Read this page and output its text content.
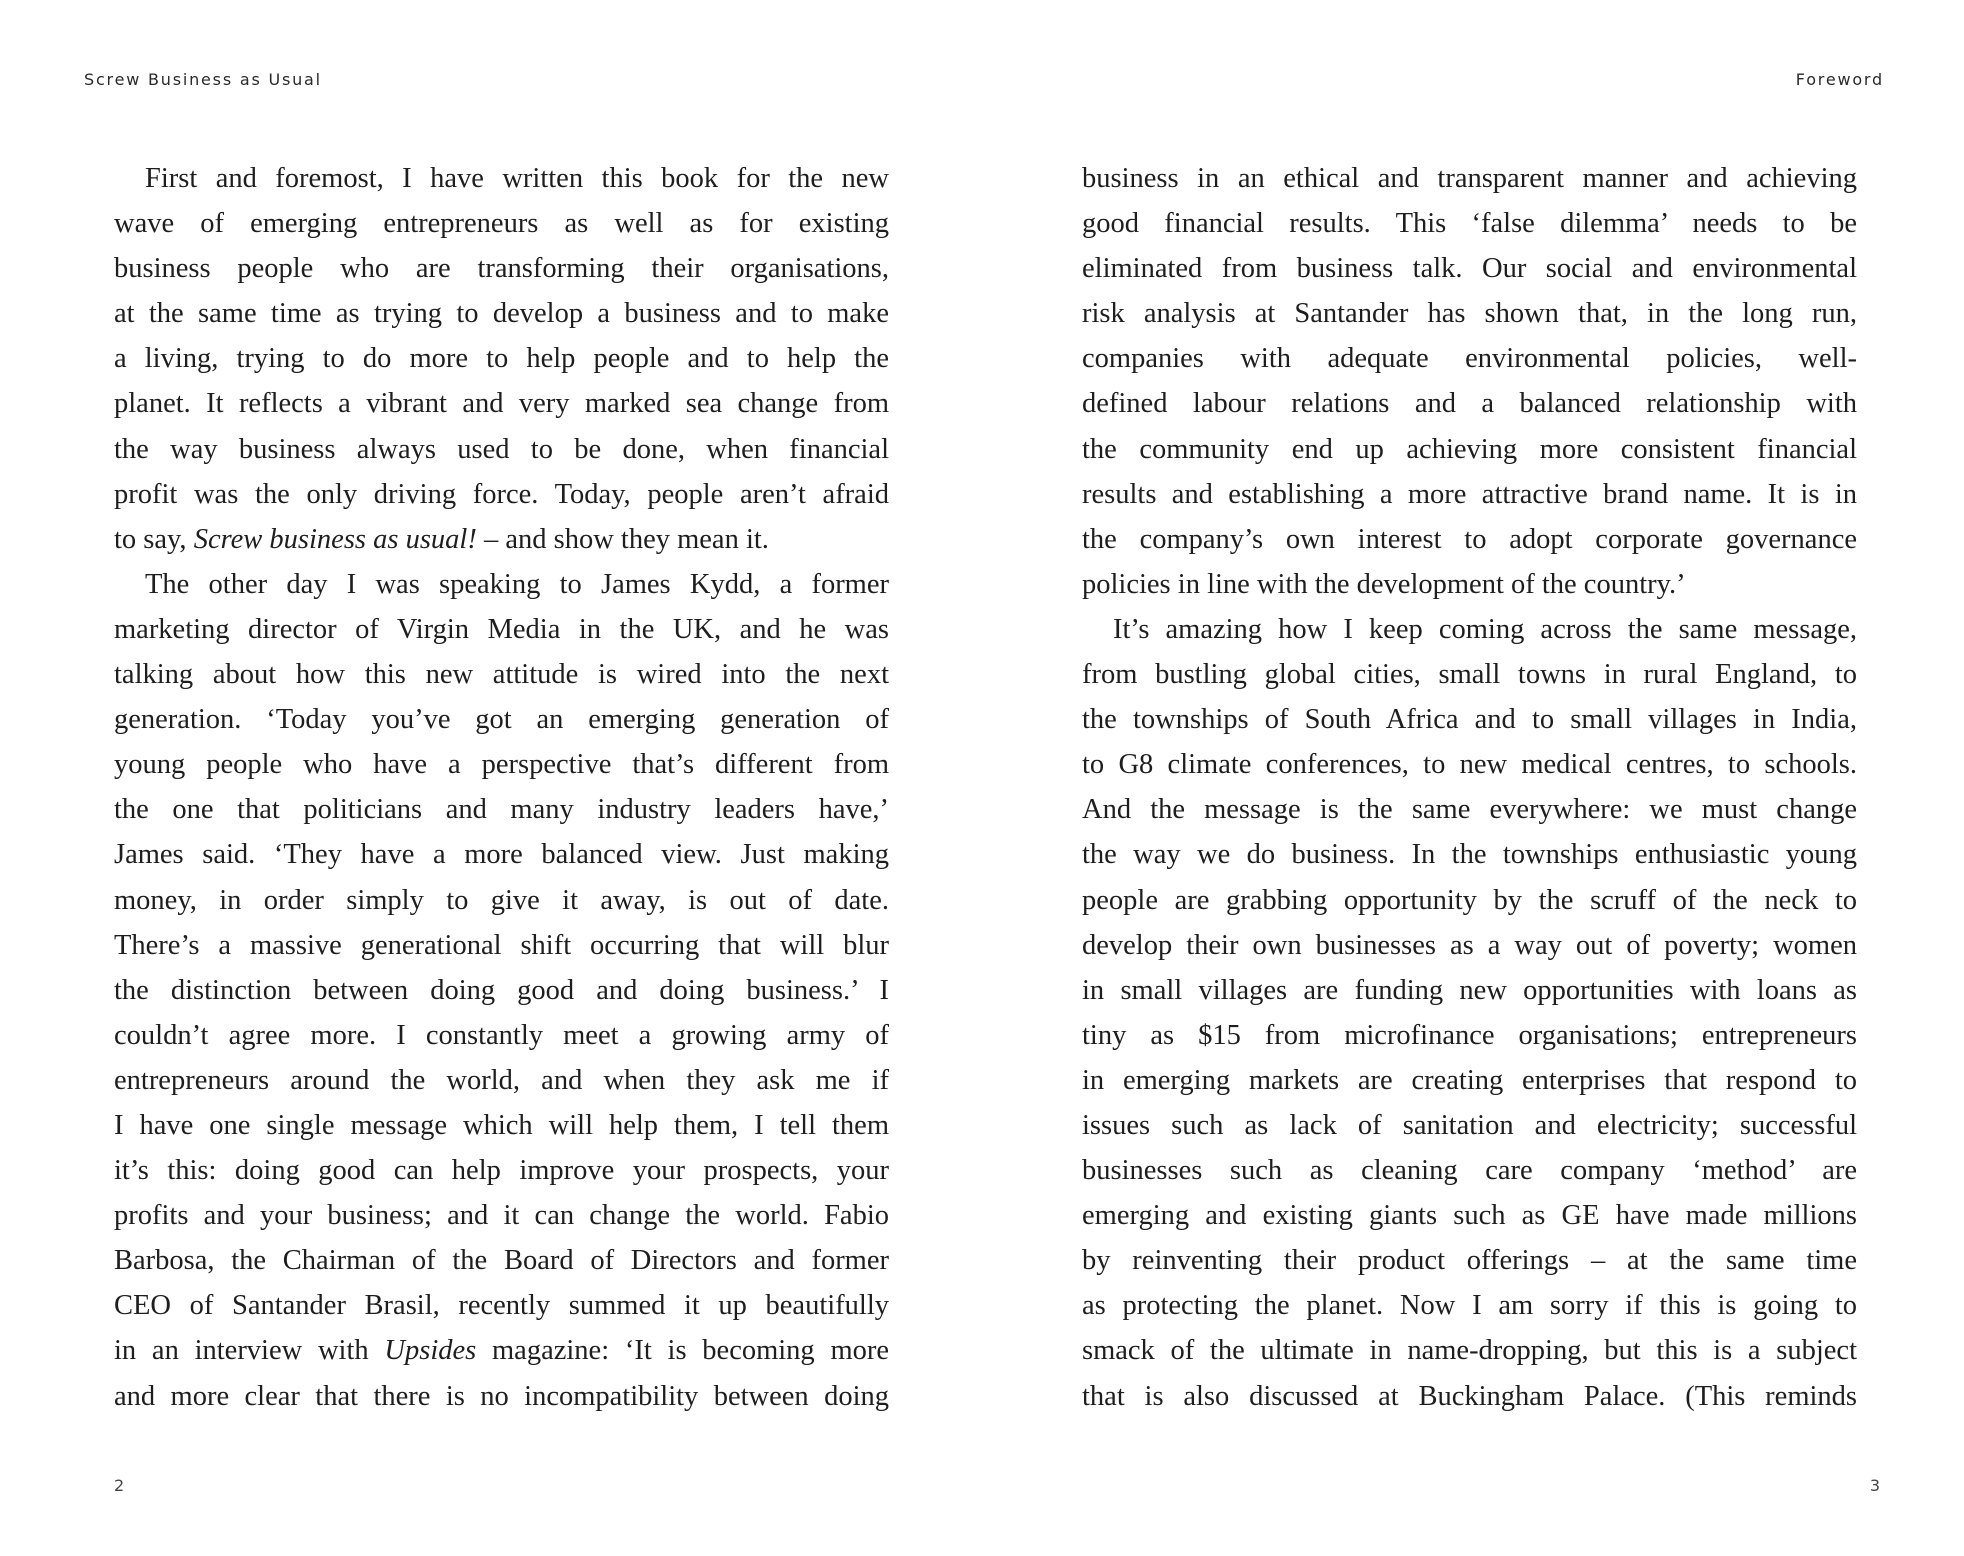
Screw Business as Usual
First and foremost, I have written this book for the new
wave of emerging entrepreneurs as well as for existing
business people who are transforming their organisations,
at the same time as trying to develop a business and to make
a living, trying to do more to help people and to help the
planet. It reflects a vibrant and very marked sea change from
the way business always used to be done, when financial
profit was the only driving force. Today, people aren’t afraid
to say, Screw business as usual! – and show they mean it.
The other day I was speaking to James Kydd, a former
marketing director of Virgin Media in the UK, and he was
talking about how this new attitude is wired into the next
generation. ‘Today you’ve got an emerging generation of
young people who have a perspective that’s different from
the one that politicians and many industry leaders have,’
James said. ‘They have a more balanced view. Just making
money, in order simply to give it away, is out of date.
There’s a massive generational shift occurring that will blur
the distinction between doing good and doing business.’ I
couldn’t agree more. I constantly meet a growing army of
entrepreneurs around the world, and when they ask me if
I have one single message which will help them, I tell them
it’s this: doing good can help improve your prospects, your
profits and your business; and it can change the world. Fabio
Barbosa, the Chairman of the Board of Directors and former
CEO of Santander Brasil, recently summed it up beautifully
in an interview with Upsides magazine: ‘It is becoming more
and more clear that there is no incompatibility between doing
2
Foreword
business in an ethical and transparent manner and achieving
good financial results. This ‘false dilemma’ needs to be
eliminated from business talk. Our social and environmental
risk analysis at Santander has shown that, in the long run,
companies with adequate environmental policies, well-
defined labour relations and a balanced relationship with
the community end up achieving more consistent financial
results and establishing a more attractive brand name. It is in
the company’s own interest to adopt corporate governance
policies in line with the development of the country.’
It’s amazing how I keep coming across the same message,
from bustling global cities, small towns in rural England, to
the townships of South Africa and to small villages in India,
to G8 climate conferences, to new medical centres, to schools.
And the message is the same everywhere: we must change
the way we do business. In the townships enthusiastic young
people are grabbing opportunity by the scruff of the neck to
develop their own businesses as a way out of poverty; women
in small villages are funding new opportunities with loans as
tiny as $15 from microfinance organisations; entrepreneurs
in emerging markets are creating enterprises that respond to
issues such as lack of sanitation and electricity; successful
businesses such as cleaning care company ‘method’ are
emerging and existing giants such as GE have made millions
by reinventing their product offerings – at the same time
as protecting the planet. Now I am sorry if this is going to
smack of the ultimate in name-dropping, but this is a subject
that is also discussed at Buckingham Palace. (This reminds
3
